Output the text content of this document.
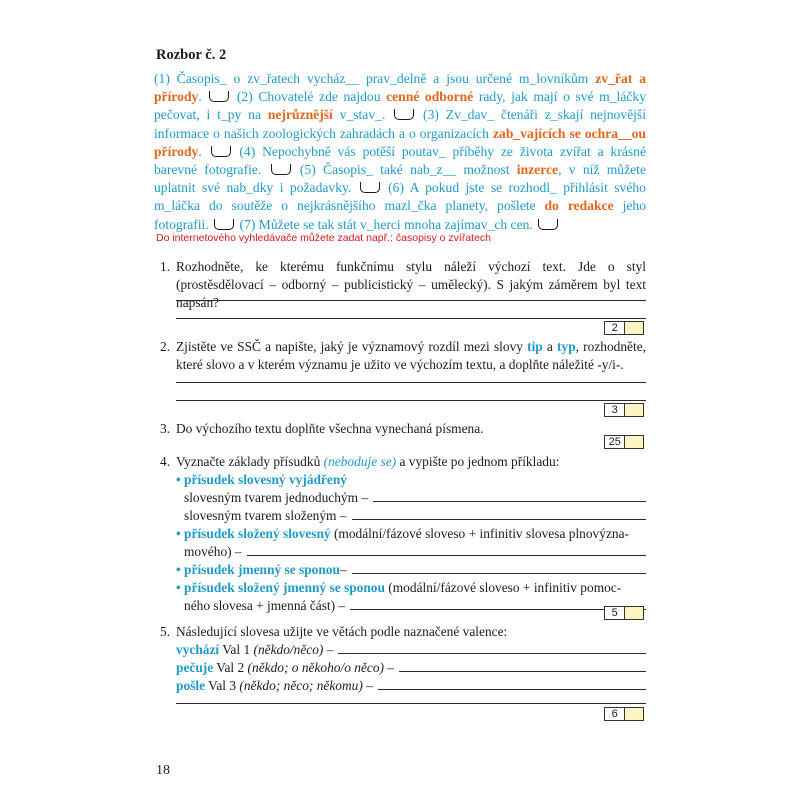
Rozbor č. 2
(1) Časopis_ o zv_řatech vycház__ prav_delně a jsou určené m_lovníkům zv_řat a přírody.  (2) Chovatelé zde najdou cenné odborné rady, jak mají o své m_láčky pečovat, i t_py na nejrůznější v_stav_.  (3) Zv_dav_ čtenáři z_skají nejnovější informace o našich zoologických zahradách a o organizacích zab_vajících se ochra__ou přírody.  (4) Nepochybně vás potěší poutav_ příběhy ze života zvířat a krásné barevné fotografie.  (5) Časopis_ také nab_z__ možnost inzerce, v níž můžete uplatnit své nab_dky i požadavky.  (6) A pokud jste se rozhodl_ přihlásit svého m_láčka do soutěže o nejkrásnějšího mazl_čka planety, pošlete do redakce jeho fotografii.  (7) Můžete se tak stát v_herci mnoha zajímav_ch cen.
Do internetového vyhledávače můžete zadat např.: časopisy o zvířatech
1. Rozhodněte, ke kterému funkčnímu stylu náleží výchozí text. Jde o styl (prostěsdělovací – odborný – publicistický – umělecký). S jakým záměrem byl text napsán?
2
2. Zjistěte ve SSČ a napište, jaký je významový rozdíl mezi slovy tip a typ, rozhodněte, které slovo a v kterém významu je užito ve výchozím textu, a doplňte náležité -y/i-.
3
3. Do výchozího textu doplňte všechna vynechaná písmena.
25
4. Vyznačte základy přísudků (neboduje se) a vypište po jednom příkladu:
• přísudek slovesný vyjádřený
slovesným tvarem jednoduchým –
slovesným tvarem složeným –
• přísudek složený slovesný (modální/fázové sloveso + infinitiv slovesa plnovýzna-
mového) –
• přísudek jmenný se sponou –
• přísudek složený jmenný se sponou (modální/fázové sloveso + infinitiv pomoc-
ného slovesa + jmenná část) –	5
5. Následující slovesa užijte ve větách podle naznačené valence:
vychází Val 1 (někdo/něco) –
pečuje Val 2 (někdo; o někoho/o něco) –
pošle Val 3 (někdo; něco; někomu) –
6
18
